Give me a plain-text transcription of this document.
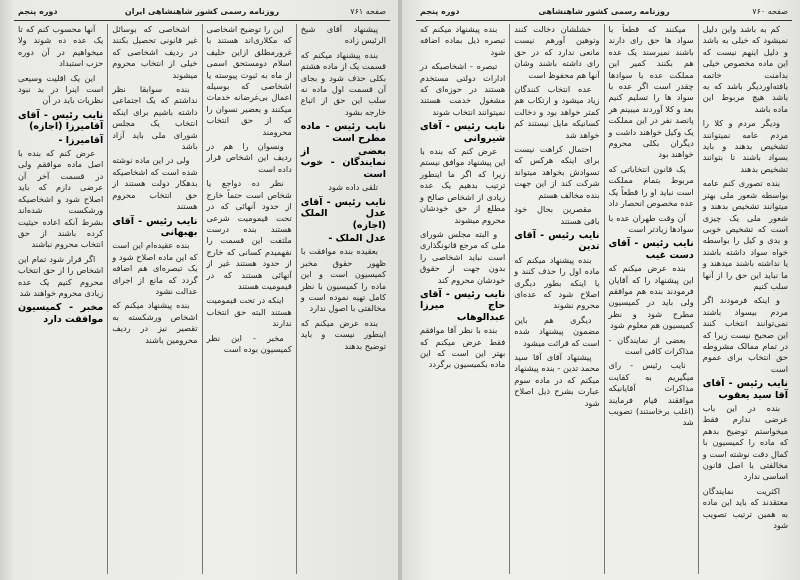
صفحه ۷۶۱
روزنامه رسمی کشور شاهنشاهی ایران
دوره پنجم

پیشنهاد آقای شیخ الرئیس زاده

بنده پیشنهاد میکنم که قسمت یک از ماده هشتم بکلی حذف شود و بجای آن قسمت اول ماده نه سلب این حق از اتباع خارجه بشود

نایب رئیس - ماده مطرح است
بعضی از نمایندگان - خوب است

تلقی داده شود

نایب رئیس - آقای عدل الملک (اجازه)
عدل الملک -

بعقیده بنده موافقت با ظهور حقوق مخبر کمیسیون است و این ماده را کمیسیون با نظر کامل تهیه نموده است و مخالفتی با اصول ندارد

بنده عرض میکنم که اینطور نیست و باید توضیح بدهند

این را توضیح اشخاصی که مکلاری‌اند هستند با غرورمطلق ازاین حلیف اسلام دومستحق اسمی از ماه به ثبوت پیوسته یا اشخاصی که بوسیله اعمال بی‌غرضانه خدمات میکنند و بعضیر نسوان را که از حق انتخاب محرومند

ونسوان را هم در ردیف این اشخاص قرار داده است

نظر ده دواجع یا شخاص است حتماً خارج از حدود آنهائی که در تحت قیمومیت شرعی هستند بنده درست ملتفت این قسمت را نفهمیدم کسانی که خارج از حدود هستند غیر از آنهائی هستند که در قیمومیت هستند

اینکه در تحت قیمومیت هستند البته حق انتخاب ندارند

مخبر - این نظر کمیسیون بوده است

اشخاصی که بوسائل غیر قانونی تحصیل بکنند در ردیف اشخاصی که خیلی از انتخاب محروم میشوند

بنده سوابقا نظر نداشتم که یک اجتماعی داشته باشیم برای اینکه انتخاب یک مجلس شورای ملی باید آزاد باشد

ولی در این ماده نوشته شده است که اشخاصیکه بدهکار دولت هستند از حق انتخاب محروم هستند

نایب رئیس - آقای بهبهانی

بنده عقیده‌ام این است که این ماده اصلاح شود و یک تبصره‌ای هم اضافه گردد که مانع از اجرای عدالت نشود

بنده پیشنهاد میکنم که اشخاص ورشکسته به تقصیر نیز در ردیف محرومین باشند

آنها محسوب کنم که تا یک عده ده شوند ولا میخواهیم در آن دوره حزب استبداد

این یک اقلیت وسیعی است اینرا در بد نبود نظریات باید در آن

نایب رئیس - آقای آقامیرزا (اجازه)
آقامیرزا -

عرض کنم که بنده با اصل ماده موافقم ولی در قسمت آخر آن عرضی دارم که باید اصلاح شود و اشخاصیکه ورشکست شده‌اند بشرط آنکه اعاده حیثیت کرده باشند از حق انتخاب محروم نباشند

اگر قرار شود تمام این اشخاص را از حق انتخاب محروم کنیم یک عده زیادی محروم خواهند شد

مخبر - کمیسیون موافقت دارد
صفحه ۷۶۰
روزنامه رسمی کشور شاهنشاهی
دوره پنجم

کم به باشد واین دلیل نمیشود که خیلی به باشد و دلیل اینهم نیست که این ماده مخصوص خیلی بدامنت خاتمه یافته‌اوردیگر باشد که به باشد هیچ مربوط این ماده باشد

ودیگر مردم و کلا را مردم عامه نمیتوانند تشخیص بدهند و باید بسواد باشند تا بتوانند تشخیص بدهند

بنده تصوری کنم عامه‌ بواسطه شعور ملی بهتر میتوانند تشخیص بدهند و شعور ملی یک چیزی است که تشخیص خوبی و بدی و کیل را بواسطه خواه سواد داشته باشند یا نداشته باشند میدهند و ما نباید این حق را از آنها سلب کنیم

و اینکه فرمودند اگر مردم بیسواد باشند نمی‌توانند انتخاب کنند این صحیح نیست زیرا که در تمام ممالک مشروطه حق انتخاب برای عموم است

نایب رئیس - آقای آقا سید یعقوب

بنده در این باب عرضی ندارم فقط میخواستم توضیح بدهم که ماده را کمیسیون با کمال دقت نوشته است و مخالفتی با اصل قانون اساسی ندارد

اکثریت نمایندگان معتقدند که باید این ماده به همین ترتیب تصویب شود

میکنند که قطعاً با سواد ها حق رای دارند باشند نمیرسند یک عده هم بکنند کمیر این مملکت عده با سوادها چقدر است اگر عده با سواد ها را تسلیم کنیم بعد و کلا آوردند میبینم هر پانصد نفر در این مملکت یک وکیل خواهند داشت و دیگران بکلی محروم خواهند بود

یک قانون انتخاباتی که مربوط بتمام مملکت است نباید او را قطعاً یک عده مخصوص انحصار داد

آن‌ وقت طهران عده با سوادها زیادتر است

نایب رئیس - آقای دست غیب

بنده عرض میکنم که این پیشنهاد را که آقایان فرمودند بنده هم موافقم ولی باید در کمیسیون مطرح شود و نظر کمیسیون هم معلوم شود

بعضی از نمایندگان - مذاکرات کافی است

نایب رئیس - رای میگیریم به کفایت مذاکرات آقایانیکه موافقند قیام فرمایند (اغلب برخاستند) تصویب شد

خشلشان دخالت کنند وتوهین آورهم نیست مانعی ندارد که در حق رای داشته باشند وشان آنها هم محفوظ است

عده انتخاب کنندگان زیاد میشود و ارتکاب هم کمتر خواهد بود و دخالت کسانیکه مایل نیستند کم خواهد شد

احتمال کراهت نیست برای اینکه هرکس که تسوادش بخواهد میتواند شرکت کند از این جهت بنده مخالف هستم

مقصرین بحال خود باقی هستند

نایب رئیس - آقای تدین

بنده پیشنهاد میکنم که ماده اول را حذف کنند و یا اینکه بطور دیگری اصلاح شود که عده‌ای محروم نشوند

دیگری هم باین مضمون پیشنهاد شده است که قرائت میشود

پیشنهاد آقای آقا سید محمد تدین - بنده پیشنهاد میکنم که در ماده سوم عبارت بشرح ذیل اصلاح شود

بنده پیشنهاد میکنم که تبصره ذیل بماده اضافه شود

تبصره - اشخاصیکه در ادارات دولتی مستخدم هستند در حوزه‌ای که مشغول خدمت هستند نمیتوانند انتخاب شوند

نایب رئیس - آقای شیروانی

عرض کنم که بنده با این پیشنهاد موافق نیستم زیرا که اگر ما اینطور ترتیب بدهیم یک عده زیادی از اشخاص صالح و مطلع از حق خودشان محروم میشوند

و البته مجلس شورای ملی که مرجع قانونگذاری است نباید اشخاصی را بدون جهت از حقوق خودشان محروم کند

نایب رئیس - آقای حاج میرزا عبدالوهاب

بنده با نظر آقا موافقم فقط عرض میکنم که بهتر این است که این ماده بکمیسیون برگردد
